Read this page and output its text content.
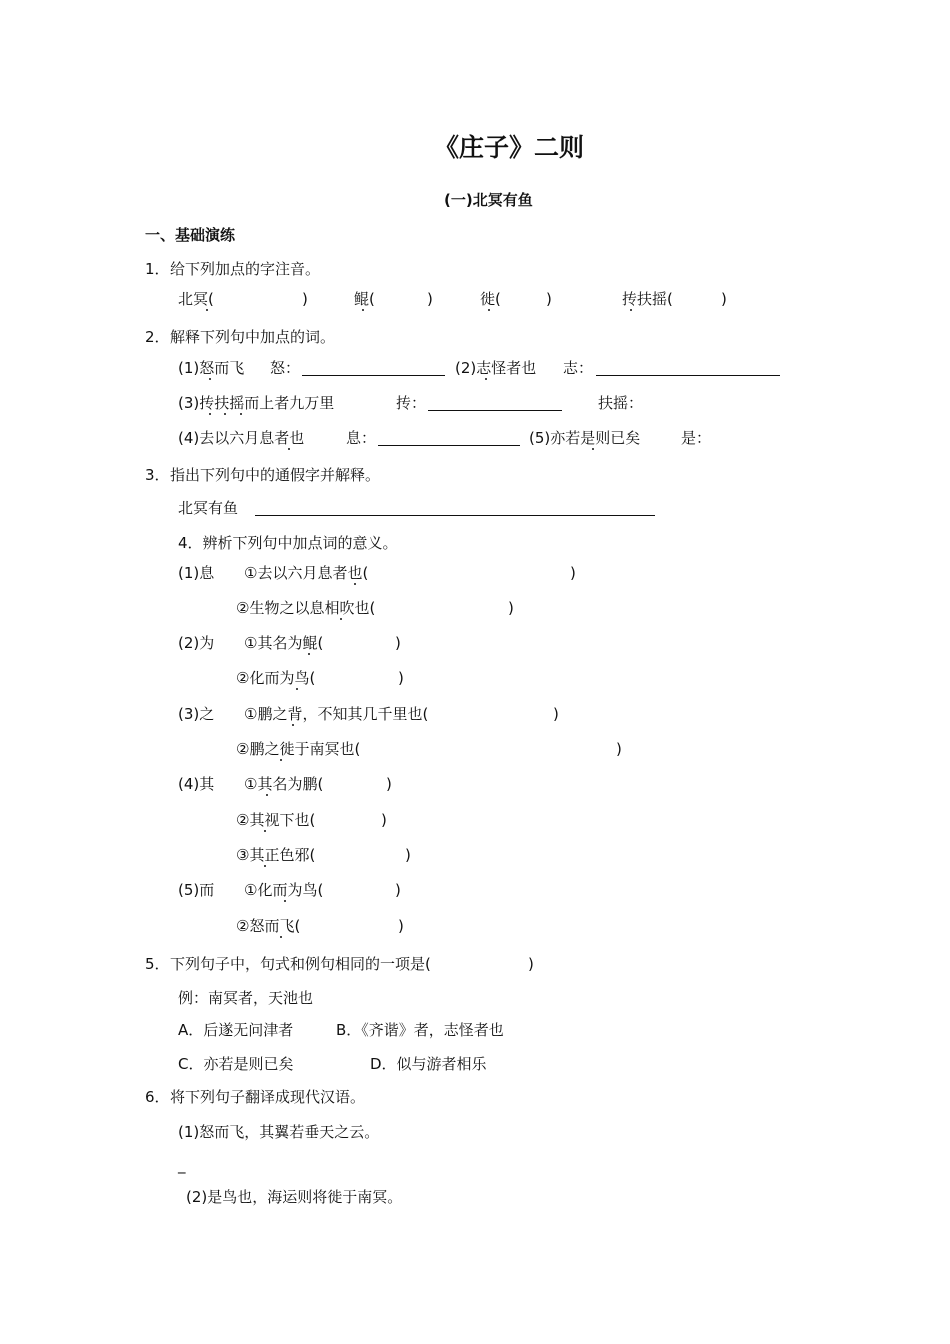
《庄子》二则
(一)北冥有鱼
一、基础演练
1． 给下列加点的字注音。
北冥(	)	鲲(	)	徙(	)	抟扶摇(	)
2． 解释下列句中加点的词。
(1)怒而飞 怒：	(2)志怪者也 志：
(3)抟扶摇而上者九万里	抟：	扶摇：
(4)去以六月息者也	息：	(5)亦若是则已矣	是：
3． 指出下列句中的通假字并解释。
北冥有鱼
4．辨析下列句中加点词的意义。
(1)息 ①去以六月息者也(	)
②生物之以息相吹也(	)
(2)为 ①其名为鲲(	)
②化而为鸟(	)
(3)之 ①鹏之背，不知其几千里也(	)
②鹏之徙于南冥也(	)
(4)其 ①其名为鹏(	)
②其视下也(	)
③其正色邪(	)
(5)而 ①化而为鸟(	)
②怒而飞(	)
5． 下列句子中，句式和例句相同的一项是(	)
例：南冥者，天池也
A．后遂无问津者	B．《齐谐》者，志怪者也
C．亦若是则已矣	D．似与游者相乐
6． 将下列句子翻译成现代汉语。
(1)怒而飞，其翼若垂天之云。
_
(2)是鸟也，海运则将徙于南冥。
